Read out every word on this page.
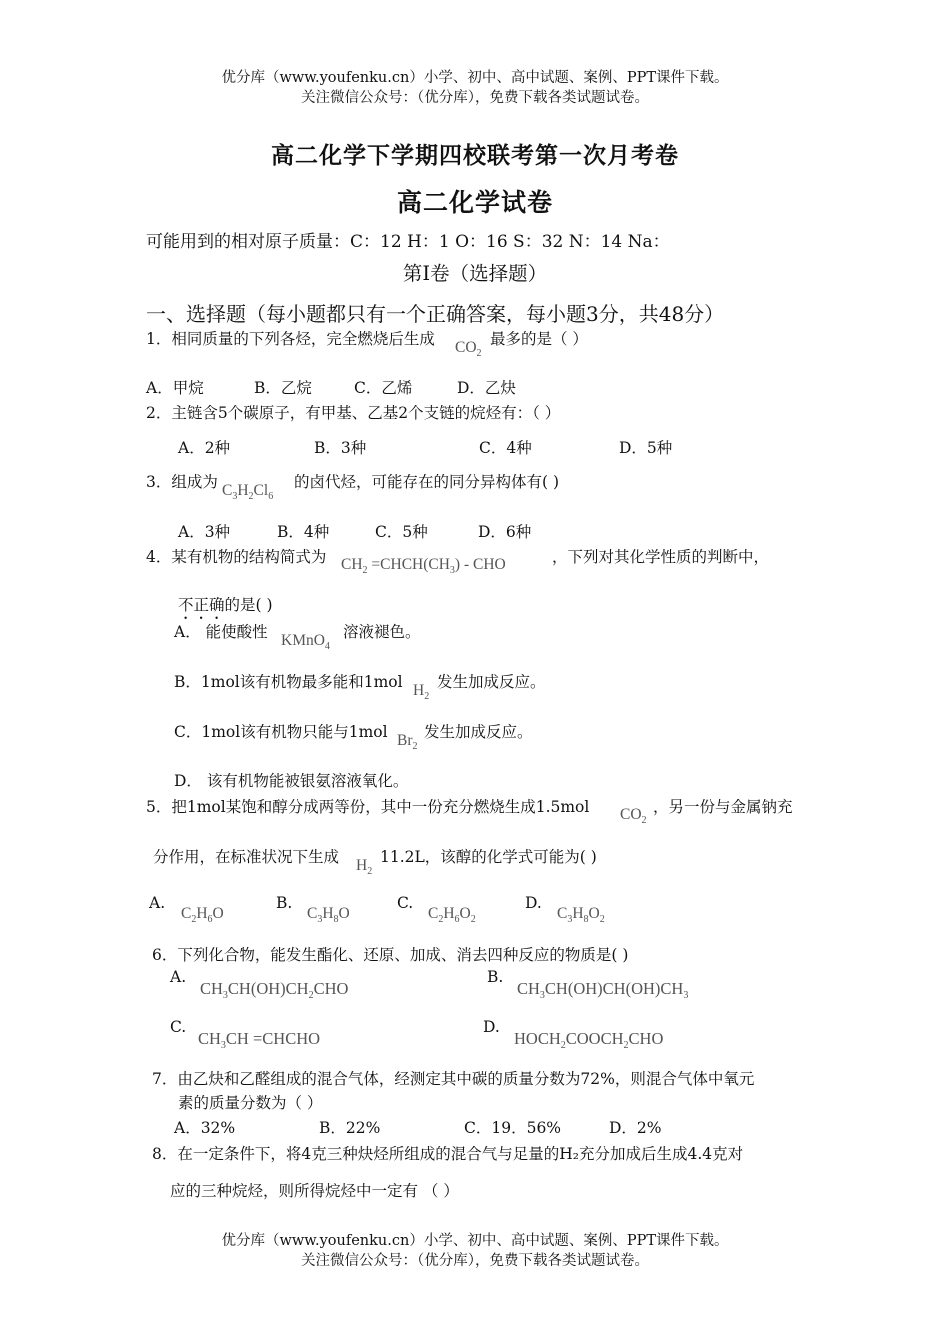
优分库（www.youfenku.cn）小学、初中、高中试题、案例、PPT课件下载。
关注微信公众号：（优分库），免费下载各类试题试卷。
高二化学下学期四校联考第一次月考卷
高二化学试卷
可能用到的相对原子质量：C：12 H：1 O：16 S：32 N：14 Na：
第Ⅰ卷（选择题）
一、选择题（每小题都只有一个正确答案，每小题3分，共48分）
1．相同质量的下列各烃，完全燃烧后生成 $CO_2$
最多的是（ ）
A．甲烷	B．乙烷	C．乙烯	D．乙炔
2．主链含5个碳原子，有甲基、乙基2个支链的烷烃有：（ ）
A．2种	B．3种	C．4种	D．5种
3．组成为 $C_3H_2Cl_6$
的卤代烃，可能存在的同分异构体有( )
A．3种	B．4种	C．5种	D．6种
4．某有机物的结构简式为 $CH_2$ $=CHCH(CH_3)$ - CHO	，下列对其化学性质的判断中，
不正确的是( )
A． 能使酸性 KMnO$_4$
溶液褪色。
B．1mol该有机物最多能和1mol $H_2$
发生加成反应。
C．1mol该有机物只能与1mol $Br_2$
发生加成反应。
D． 该有机物能被银氨溶液氧化。
5．把1mol某饱和醇分成两等份，其中一份充分燃烧生成1.5mol $CO_2$
，另一份与金属钠充
分作用，在标准状况下生成 $H_2$
11.2L，该醇的化学式可能为( )
A.
$C_2H_6O$
B.
$C_3H_8O$
C.
$C_2H_6O_2$
D.
$C_3H_8O_2$
6．下列化合物，能发生酯化、还原、加成、消去四种反应的物质是( )
A.
$CH_3CH(OH)CH_2CHO$
B.
$CH_3CH(OH)CH(OH)CH_3$
C.
$CH_3CH$ =CHCHO
D.
$HOCH_2COOCH_2CHO$
7．由乙炔和乙醛组成的混合气体，经测定其中碳的质量分数为72%，则混合气体中氧元
素的质量分数为（ ）
A．32%	B．22%	C．19．56%	D．2%
8．在一定条件下，将4克三种炔烃所组成的混合气与足量的H₂充分加成后生成4.4克对
应的三种烷烃，则所得烷烃中一定有 （ ）
优分库（www.youfenku.cn）小学、初中、高中试题、案例、PPT课件下载。
关注微信公众号：（优分库），免费下载各类试题试卷。
